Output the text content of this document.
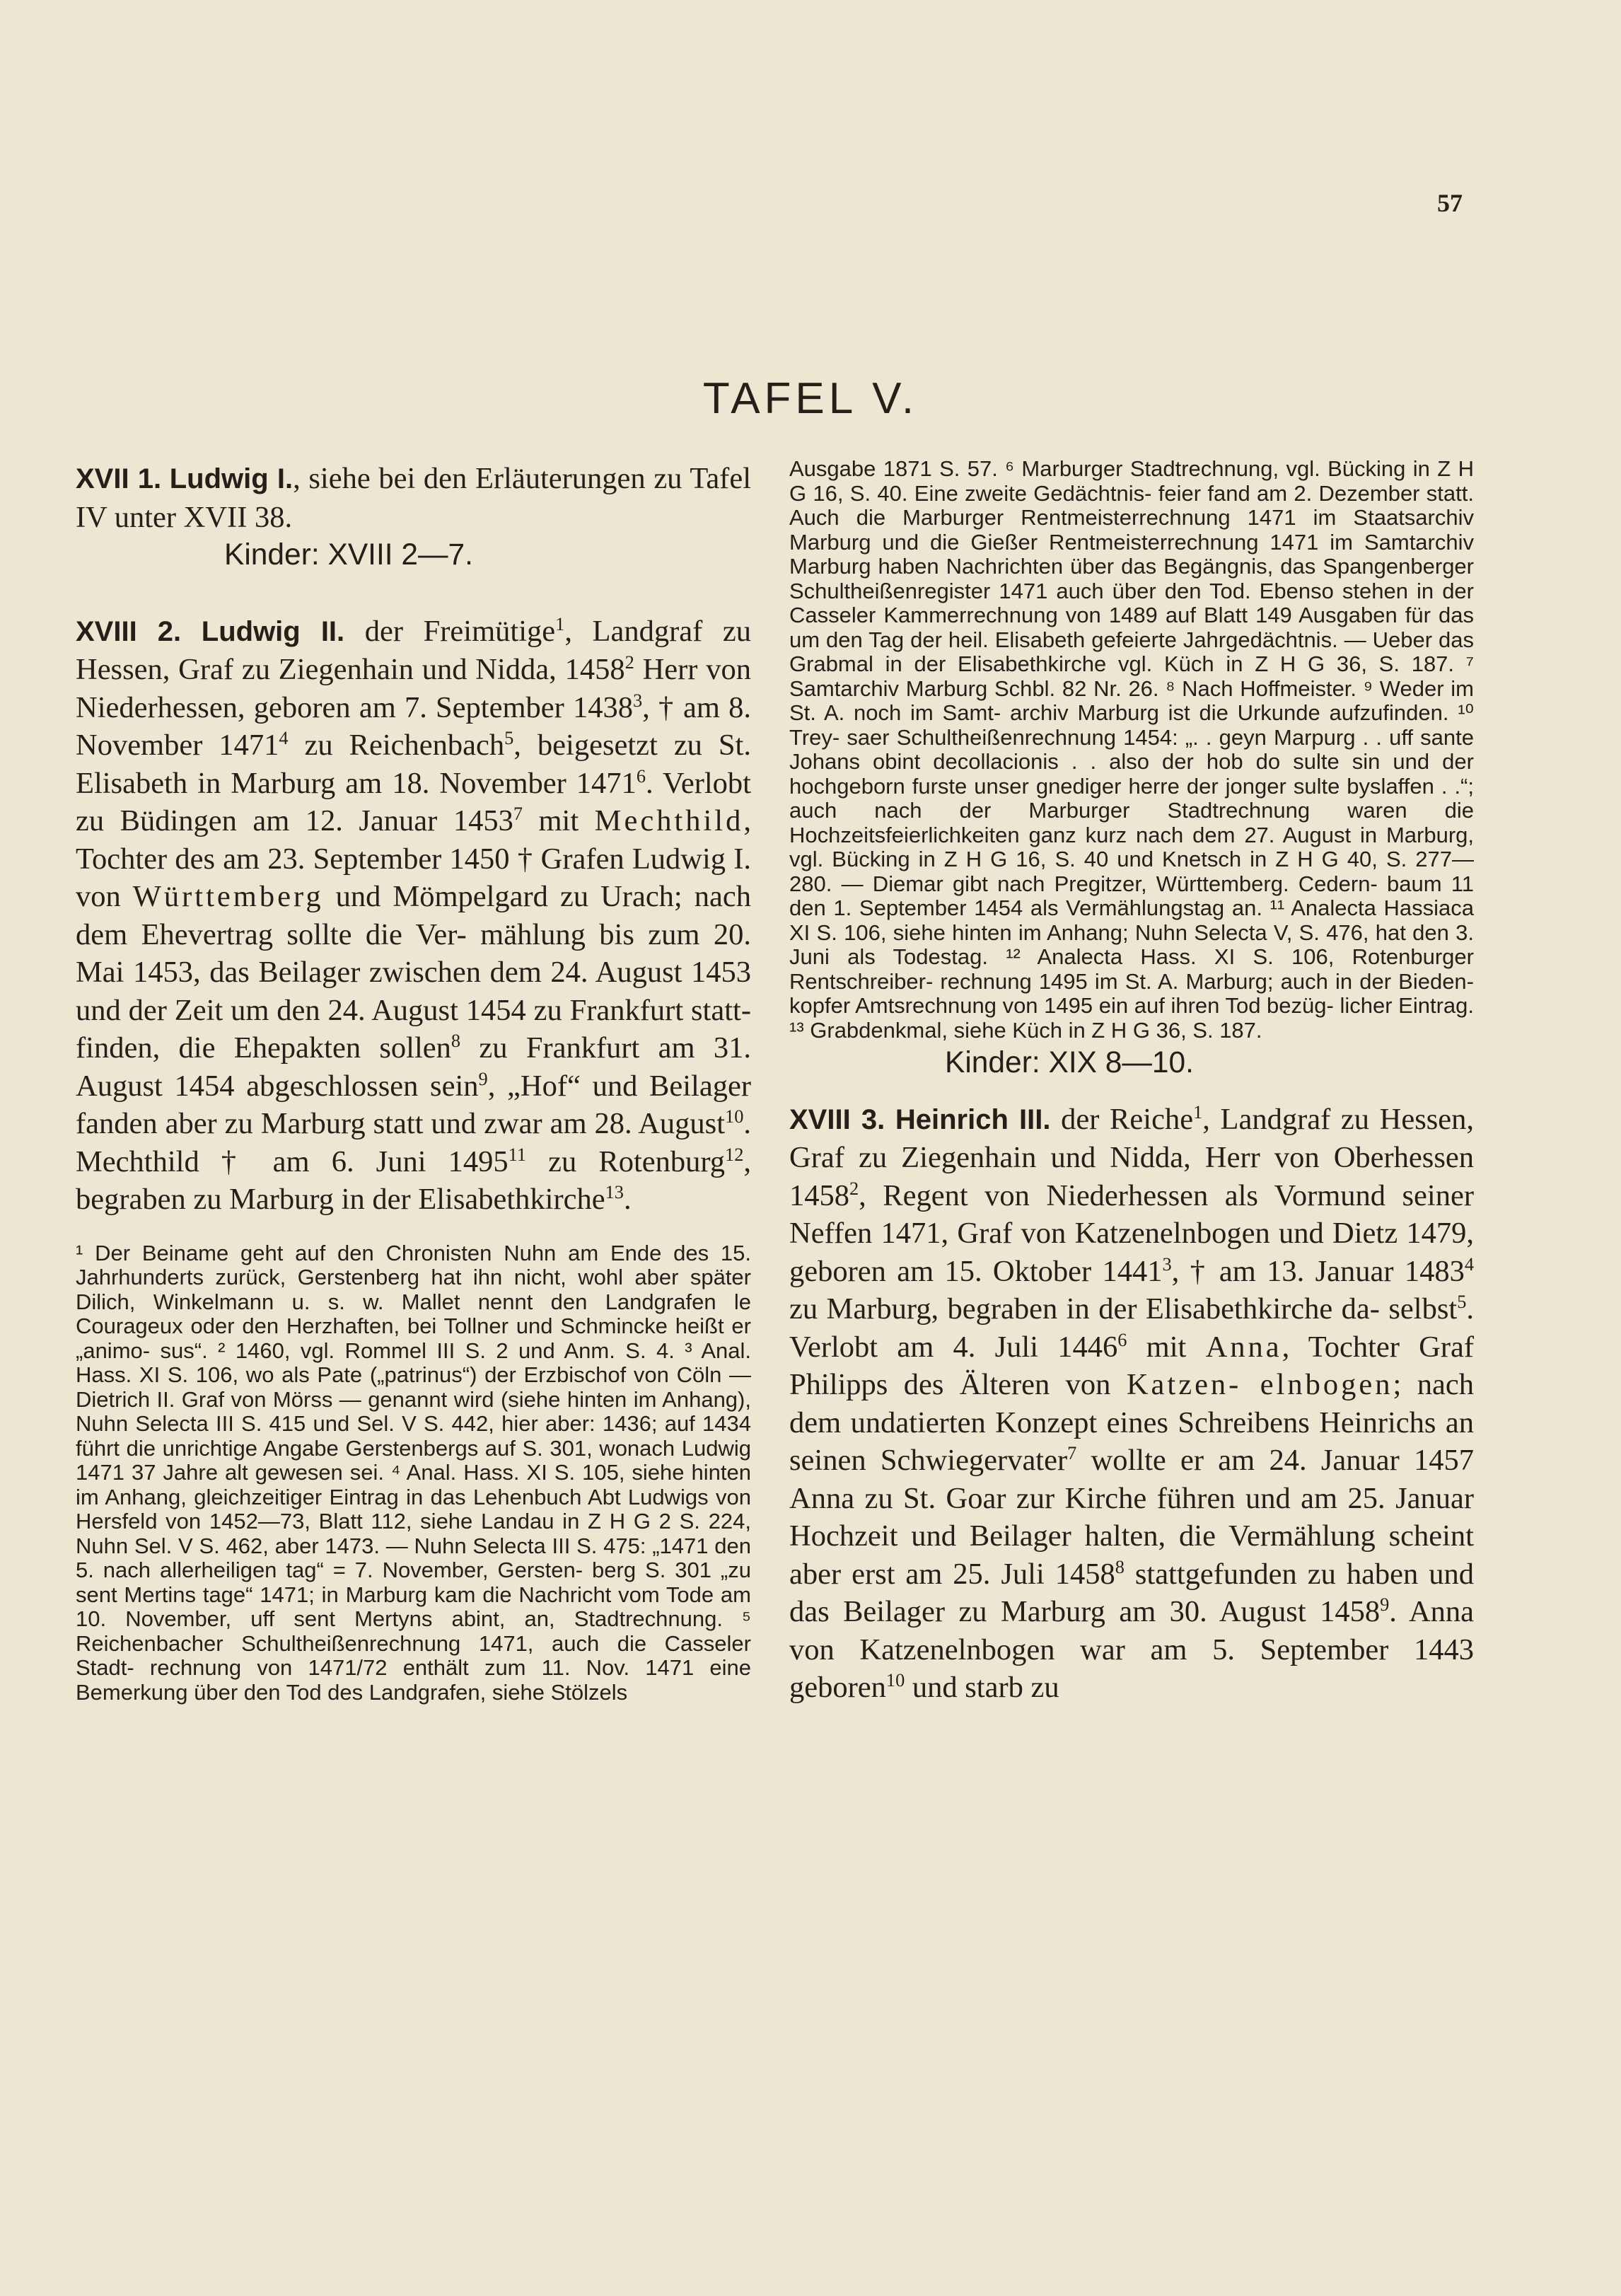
57
TAFEL V.

XVII 1. Ludwig I., siehe bei den Erläuterungen zu Tafel IV unter XVII 38.

Kinder: XVIII 2—7.

XVIII 2. Ludwig II. der Freimütige$^1$, Landgraf zu Hessen, Graf zu Ziegenhain und Nidda, 1458$^2$ Herr von Niederhessen, geboren am 7. September 1438$^3$, † am 8. November 1471$^4$ zu Reichenbach$^5$, beigesetzt zu St. Elisabeth in Marburg am 18. November 1471$^6$. Verlobt zu Büdingen am 12. Januar 1453$^7$ mit Mechthild, Tochter des am 23. September 1450 † Grafen Ludwig I. von Württemberg und Mömpelgard zu Urach; nach dem Ehevertrag sollte die Ver- mählung bis zum 20. Mai 1453, das Beilager zwischen dem 24. August 1453 und der Zeit um den 24. August 1454 zu Frankfurt statt- finden, die Ehepakten sollen$^8$ zu Frankfurt am 31. August 1454 abgeschlossen sein$^9$, „Hof“ und Beilager fanden aber zu Marburg statt und zwar am 28. August$^{10}$. Mechthild † am 6. Juni 1495$^{11}$ zu Rotenburg$^{12}$, begraben zu Marburg in der Elisabethkirche$^{13}$.

¹ Der Beiname geht auf den Chronisten Nuhn am Ende des 15. Jahrhunderts zurück, Gerstenberg hat ihn nicht, wohl aber später Dilich, Winkelmann u. s. w. Mallet nennt den Landgrafen le Courageux oder den Herzhaften, bei Tollner und Schmincke heißt er „animo- sus“. ² 1460, vgl. Rommel III S. 2 und Anm. S. 4. ³ Anal. Hass. XI S. 106, wo als Pate („patrinus“) der Erzbischof von Cöln — Dietrich II. Graf von Mörss — genannt wird (siehe hinten im Anhang), Nuhn Selecta III S. 415 und Sel. V S. 442, hier aber: 1436; auf 1434 führt die unrichtige Angabe Gerstenbergs auf S. 301, wonach Ludwig 1471 37 Jahre alt gewesen sei. ⁴ Anal. Hass. XI S. 105, siehe hinten im Anhang, gleichzeitiger Eintrag in das Lehenbuch Abt Ludwigs von Hersfeld von 1452—73, Blatt 112, siehe Landau in Z H G 2 S. 224, Nuhn Sel. V S. 462, aber 1473. — Nuhn Selecta III S. 475: „1471 den 5. nach allerheiligen tag“ = 7. November, Gersten- berg S. 301 „zu sent Mertins tage“ 1471; in Marburg kam die Nachricht vom Tode am 10. November, uff sent Mertyns abint, an, Stadtrechnung. ⁵ Reichenbacher Schultheißenrechnung 1471, auch die Casseler Stadt- rechnung von 1471/72 enthält zum 11. Nov. 1471 eine Bemerkung über den Tod des Landgrafen, siehe Stölzels

Ausgabe 1871 S. 57. ⁶ Marburger Stadtrechnung, vgl. Bücking in Z H G 16, S. 40. Eine zweite Gedächtnis- feier fand am 2. Dezember statt. Auch die Marburger Rentmeisterrechnung 1471 im Staatsarchiv Marburg und die Gießer Rentmeisterrechnung 1471 im Samtarchiv Marburg haben Nachrichten über das Begängnis, das Spangenberger Schultheißenregister 1471 auch über den Tod. Ebenso stehen in der Casseler Kammerrechnung von 1489 auf Blatt 149 Ausgaben für das um den Tag der heil. Elisabeth gefeierte Jahrgedächtnis. — Ueber das Grabmal in der Elisabethkirche vgl. Küch in Z H G 36, S. 187. ⁷ Samtarchiv Marburg Schbl. 82 Nr. 26. ⁸ Nach Hoffmeister. ⁹ Weder im St. A. noch im Samt- archiv Marburg ist die Urkunde aufzufinden. ¹⁰ Trey- saer Schultheißenrechnung 1454: „. . geyn Marpurg . . uff sante Johans obint decollacionis . . also der hob do sulte sin und der hochgeborn furste unser gnediger herre der jonger sulte byslaffen . .“; auch nach der Marburger Stadtrechnung waren die Hochzeitsfeierlichkeiten ganz kurz nach dem 27. August in Marburg, vgl. Bücking in Z H G 16, S. 40 und Knetsch in Z H G 40, S. 277—280. — Diemar gibt nach Pregitzer, Württemberg. Cedern- baum 11 den 1. September 1454 als Vermählungstag an. ¹¹ Analecta Hassiaca XI S. 106, siehe hinten im Anhang; Nuhn Selecta V, S. 476, hat den 3. Juni als Todestag. ¹² Analecta Hass. XI S. 106, Rotenburger Rentschreiber- rechnung 1495 im St. A. Marburg; auch in der Bieden- kopfer Amtsrechnung von 1495 ein auf ihren Tod bezüg- licher Eintrag. ¹³ Grabdenkmal, siehe Küch in Z H G 36, S. 187.

Kinder: XIX 8—10.

XVIII 3. Heinrich III. der Reiche$^1$, Landgraf zu Hessen, Graf zu Ziegenhain und Nidda, Herr von Oberhessen 1458$^2$, Regent von Niederhessen als Vormund seiner Neffen 1471, Graf von Katzenelnbogen und Dietz 1479, geboren am 15. Oktober 1441$^3$, † am 13. Januar 1483$^4$ zu Marburg, begraben in der Elisabethkirche da- selbst$^5$. Verlobt am 4. Juli 1446$^6$ mit Anna, Tochter Graf Philipps des Älteren von Katzen- elnbogen; nach dem undatierten Konzept eines Schreibens Heinrichs an seinen Schwiegervater$^7$ wollte er am 24. Januar 1457 Anna zu St. Goar zur Kirche führen und am 25. Januar Hochzeit und Beilager halten, die Vermählung scheint aber erst am 25. Juli 1458$^8$ stattgefunden zu haben und das Beilager zu Marburg am 30. August 1458$^9$. Anna von Katzenelnbogen war am 5. September 1443 geboren$^{10}$ und starb zu
